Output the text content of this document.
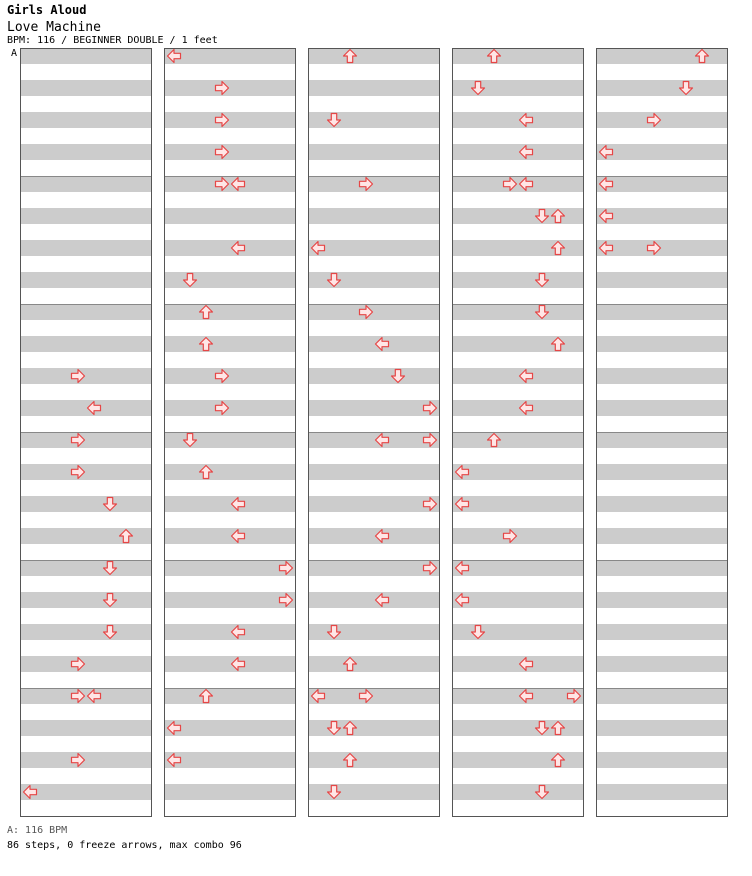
Girls Aloud
Love Machine
BPM: 116 / BEGINNER DOUBLE / 1 feet
A
A: 116 BPM
86 steps, 0 freeze arrows, max combo 96
